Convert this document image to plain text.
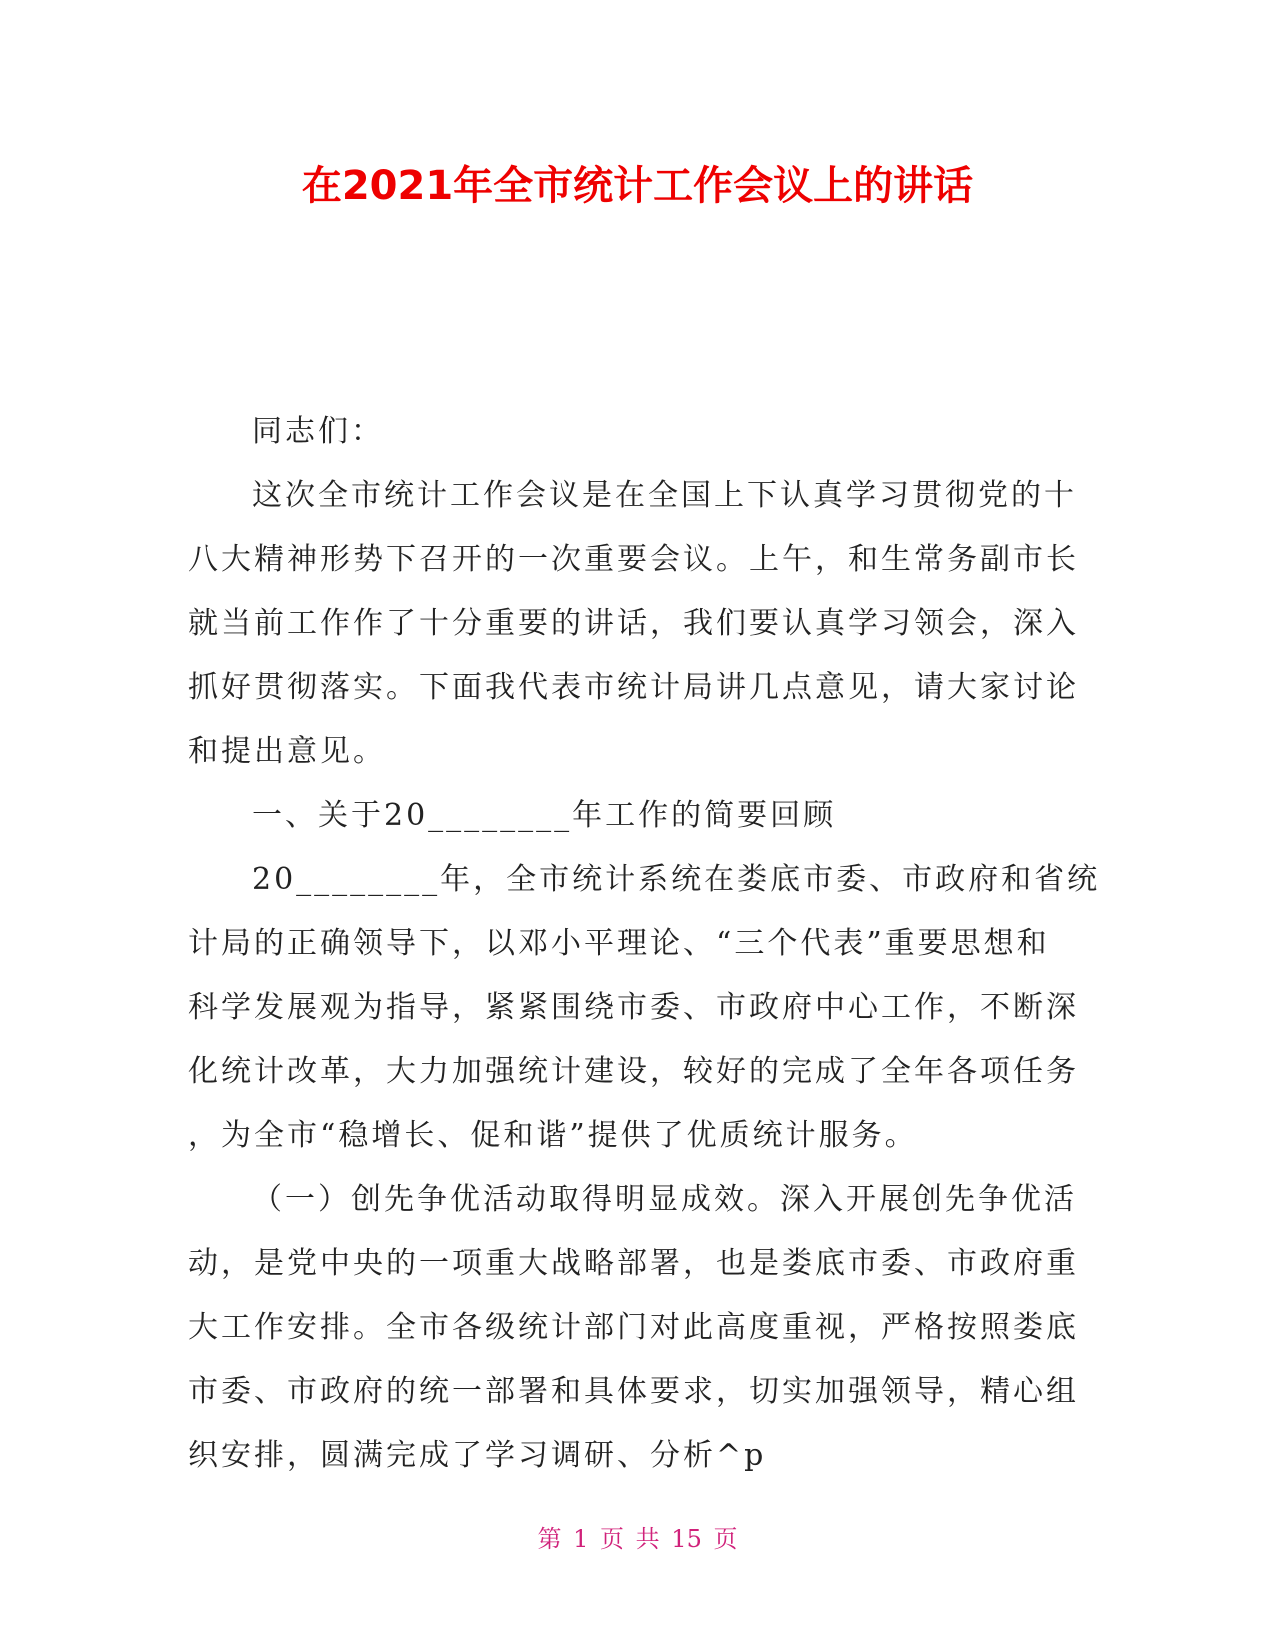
在2021年全市统计工作会议上的讲话
同志们：
这次全市统计工作会议是在全国上下认真学习贯彻党的十
八大精神形势下召开的一次重要会议。上午，和生常务副市长
就当前工作作了十分重要的讲话，我们要认真学习领会，深入
抓好贯彻落实。下面我代表市统计局讲几点意见，请大家讨论
和提出意见。
一、关于20________年工作的简要回顾
20________年，全市统计系统在娄底市委、市政府和省统
计局的正确领导下，以邓小平理论、“三个代表”重要思想和
科学发展观为指导，紧紧围绕市委、市政府中心工作，不断深
化统计改革，大力加强统计建设，较好的完成了全年各项任务
，为全市“稳增长、促和谐”提供了优质统计服务。
（一）创先争优活动取得明显成效。深入开展创先争优活
动，是党中央的一项重大战略部署，也是娄底市委、市政府重
大工作安排。全市各级统计部门对此高度重视，严格按照娄底
市委、市政府的统一部署和具体要求，切实加强领导，精心组
织安排，圆满完成了学习调研、分析^p
第 1 页 共 15 页
